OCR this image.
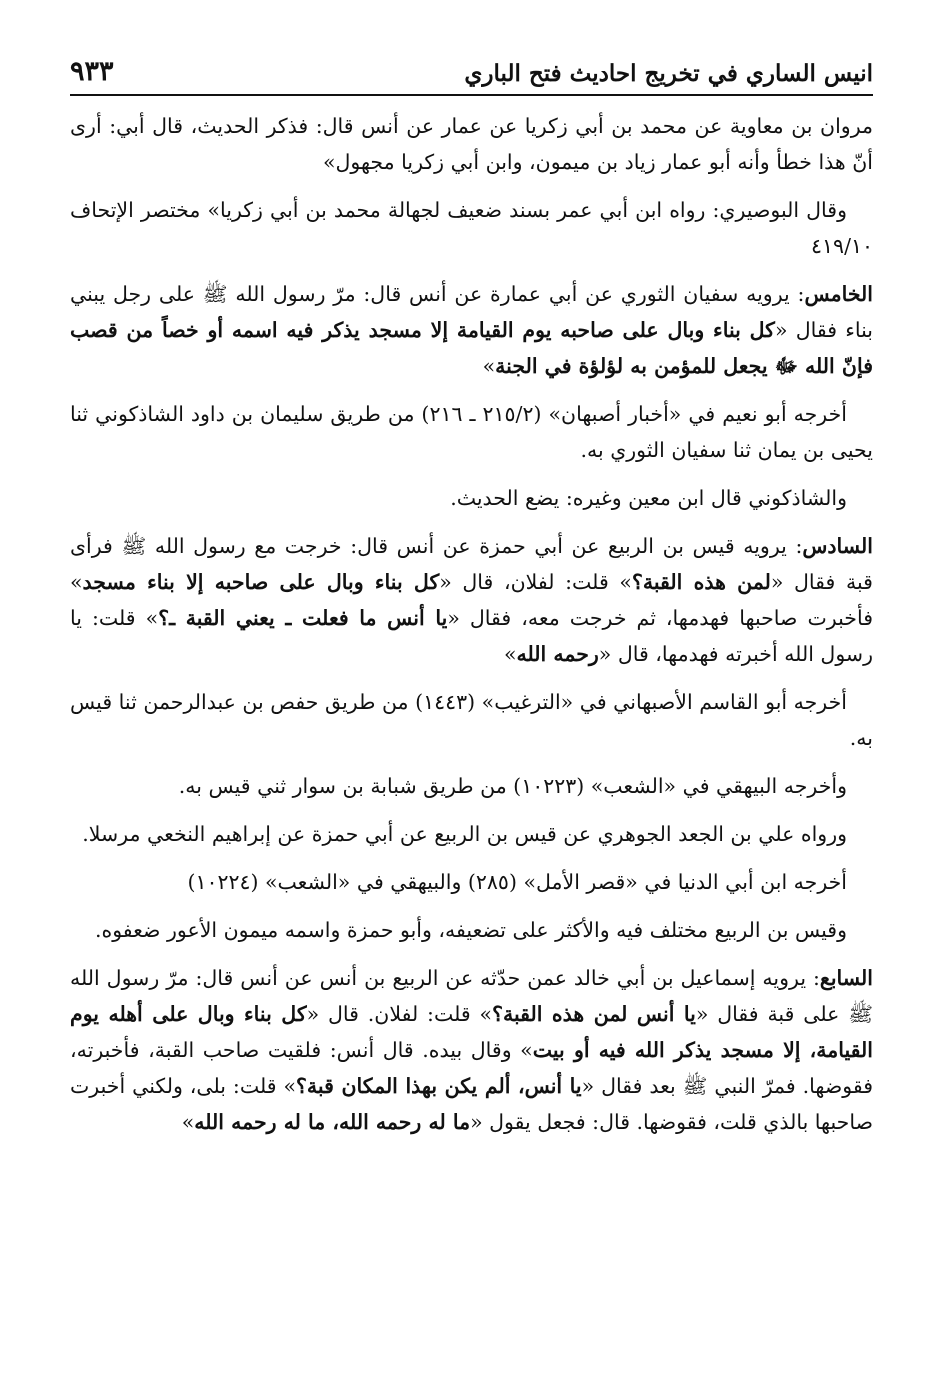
انيس الساري في تخريج احاديث فتح الباري
٩٣٣

مروان بن معاوية عن محمد بن أبي زكريا عن عمار عن أنس قال: فذكر الحديث، قال أبي: أرى أنّ هذا خطأ وأنه أبو عمار زياد بن ميمون، وابن أبي زكريا مجهول»

وقال البوصيري: رواه ابن أبي عمر بسند ضعيف لجهالة محمد بن أبي زكريا» مختصر الإتحاف ٤١٩/١٠

الخامس: يرويه سفيان الثوري عن أبي عمارة عن أنس قال: مرّ رسول الله ﷺ على رجل يبني بناء فقال «كل بناء وبال على صاحبه يوم القيامة إلا مسجد يذكر فيه اسمه أو خصاً من قصب فإنّ الله ﷻ يجعل للمؤمن به لؤلؤة في الجنة»

أخرجه أبو نعيم في «أخبار أصبهان» (٢١٥/٢ ـ ٢١٦) من طريق سليمان بن داود الشاذكوني ثنا يحيى بن يمان ثنا سفيان الثوري به.

والشاذكوني قال ابن معين وغيره: يضع الحديث.

السادس: يرويه قيس بن الربيع عن أبي حمزة عن أنس قال: خرجت مع رسول الله ﷺ فرأى قبة فقال «لمن هذه القبة؟» قلت: لفلان، قال «كل بناء وبال على صاحبه إلا بناء مسجد» فأخبرت صاحبها فهدمها، ثم خرجت معه، فقال «يا أنس ما فعلت ـ يعني القبة ـ؟» قلت: يا رسول الله أخبرته فهدمها، قال «رحمه الله»

أخرجه أبو القاسم الأصبهاني في «الترغيب» (١٤٤٣) من طريق حفص بن عبدالرحمن ثنا قيس به.

وأخرجه البيهقي في «الشعب» (١٠٢٢٣) من طريق شبابة بن سوار ثني قيس به.

ورواه علي بن الجعد الجوهري عن قيس بن الربيع عن أبي حمزة عن إبراهيم النخعي مرسلا.

أخرجه ابن أبي الدنيا في «قصر الأمل» (٢٨٥) والبيهقي في «الشعب» (١٠٢٢٤)

وقيس بن الربيع مختلف فيه والأكثر على تضعيفه، وأبو حمزة واسمه ميمون الأعور ضعفوه.

السابع: يرويه إسماعيل بن أبي خالد عمن حدّثه عن الربيع بن أنس عن أنس قال: مرّ رسول الله ﷺ على قبة فقال «يا أنس لمن هذه القبة؟» قلت: لفلان. قال «كل بناء وبال على أهله يوم القيامة، إلا مسجد يذكر الله فيه أو بيت» وقال بيده. قال أنس: فلقيت صاحب القبة، فأخبرته، فقوضها. فمرّ النبي ﷺ بعد فقال «يا أنس، ألم يكن بهذا المكان قبة؟» قلت: بلى، ولكني أخبرت صاحبها بالذي قلت، فقوضها. قال: فجعل يقول «ما له رحمه الله، ما له رحمه الله»
